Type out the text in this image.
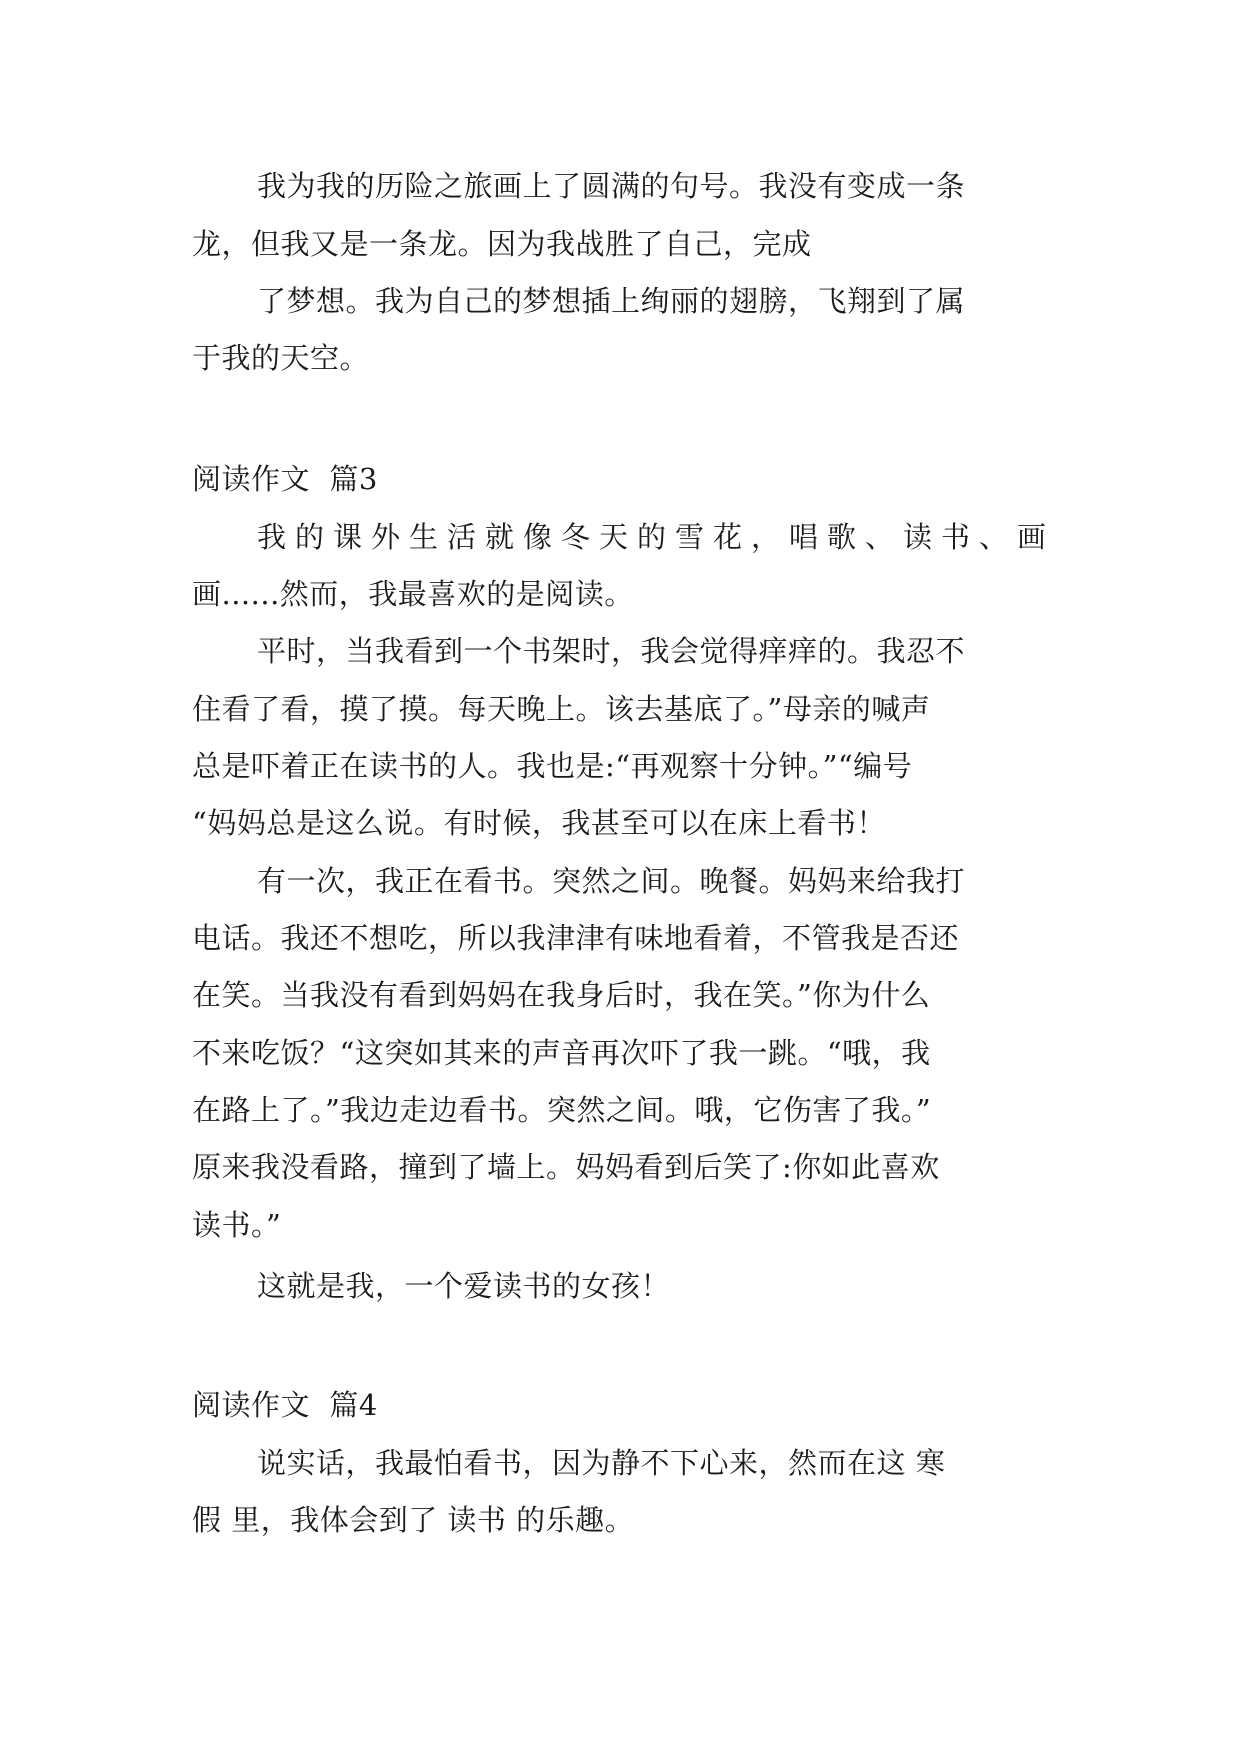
我为我的历险之旅画上了圆满的句号。我没有变成一条
龙，但我又是一条龙。因为我战胜了自己，完成
了梦想。我为自己的梦想插上绚丽的翅膀，飞翔到了属
于我的天空。
阅读作文  篇3
我的课外生活就像冬天的雪花，唱歌、读书、画
画......然而，我最喜欢的是阅读。
平时，当我看到一个书架时，我会觉得痒痒的。我忍不
住看了看，摸了摸。每天晚上。该去基底了。”母亲的喊声
总是吓着正在读书的人。我也是:“再观察十分钟。”“编号
“妈妈总是这么说。有时候，我甚至可以在床上看书！
有一次，我正在看书。突然之间。晚餐。妈妈来给我打
电话。我还不想吃，所以我津津有味地看着，不管我是否还
在笑。当我没有看到妈妈在我身后时，我在笑。”你为什么
不来吃饭？“这突如其来的声音再次吓了我一跳。“哦，我
在路上了。”我边走边看书。突然之间。哦，它伤害了我。”
原来我没看路，撞到了墙上。妈妈看到后笑了:你如此喜欢
读书。”
这就是我，一个爱读书的女孩！
阅读作文  篇4
说实话，我最怕看书，因为静不下心来，然而在这 寒
假 里，我体会到了 读书 的乐趣。
